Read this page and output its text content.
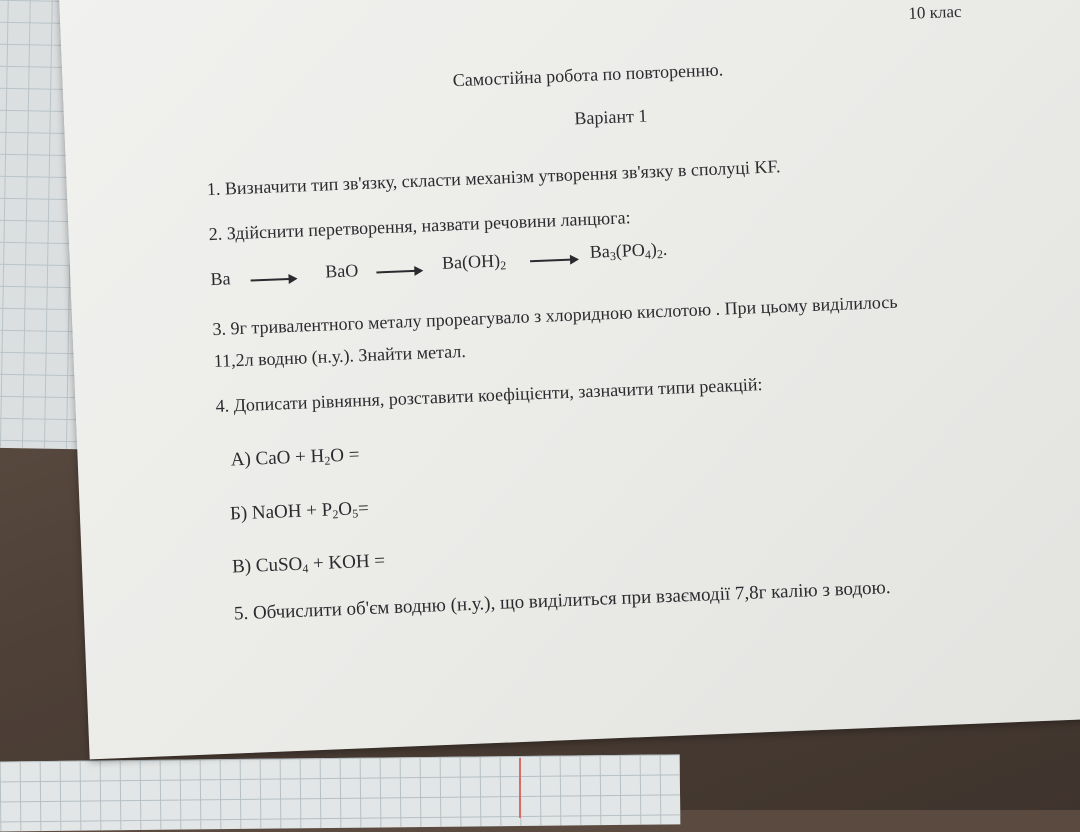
10 клас
Самостійна робота по повторенню.
Варіант 1
1. Визначити тип зв'язку, скласти механізм утворення зв'язку в сполуці KF.
2. Здійснити перетворення, назвати речовини ланцюга:
Ba	BaO	$Ba(OH)_2$
$Ba_3(PO_4)_2$.
3. 9г тривалентного металу прореагувало з хлоридною кислотою . При цьому виділилось
11,2л водню (н.у.). Знайти метал.
4. Дописати рівняння, розставити коефіцієнти, зазначити типи реакцій:
А) CaO + $H_2O$ =
Б) NaOH + $P_2O_5=$
В) CuSO$_4$ + KOH =
5. Обчислити об'єм водню (н.у.), що виділиться при взаємодії 7,8г калію з водою.
